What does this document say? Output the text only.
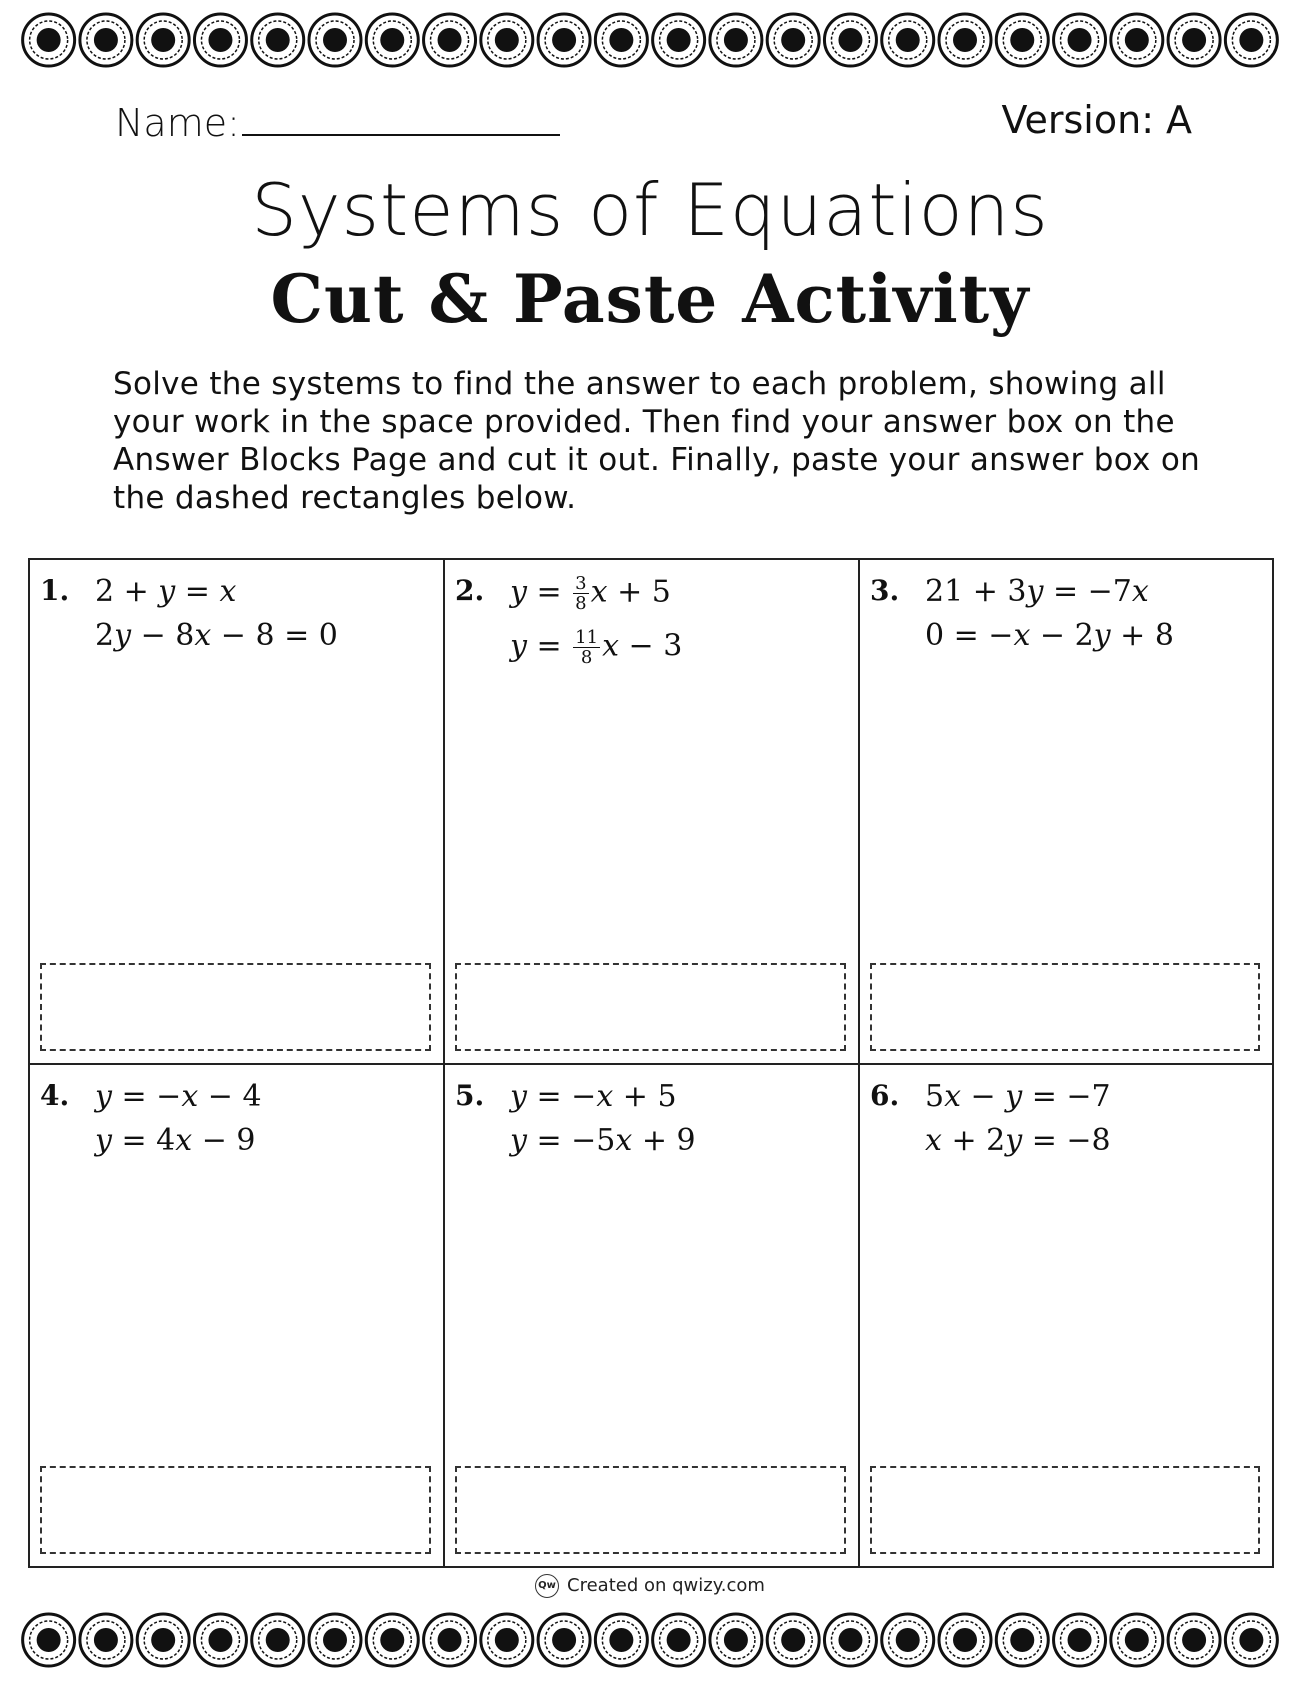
Name:	Version: A
Systems of Equations
Cut & Paste Activity
Solve the systems to find the answer to each problem, showing all your work in the space provided. Then find your answer box on the Answer Blocks Page and cut it out. Finally, paste your answer box on the dashed rectangles below.
1. 2 + y = x
2y − 8x − 8 = 0
2. $y = \frac{3}{8}$ x + 5
$y = \frac{11}{8}$ x − 3
3. 21 + 3y = −7x
0 = −x − 2y + 8
4. y = −x − 4
y = 4x − 9
5. y = −x + 5
y = −5x + 9
6. 5x − y = −7
x + 2y = −8
Qw Created on qwizy.com
